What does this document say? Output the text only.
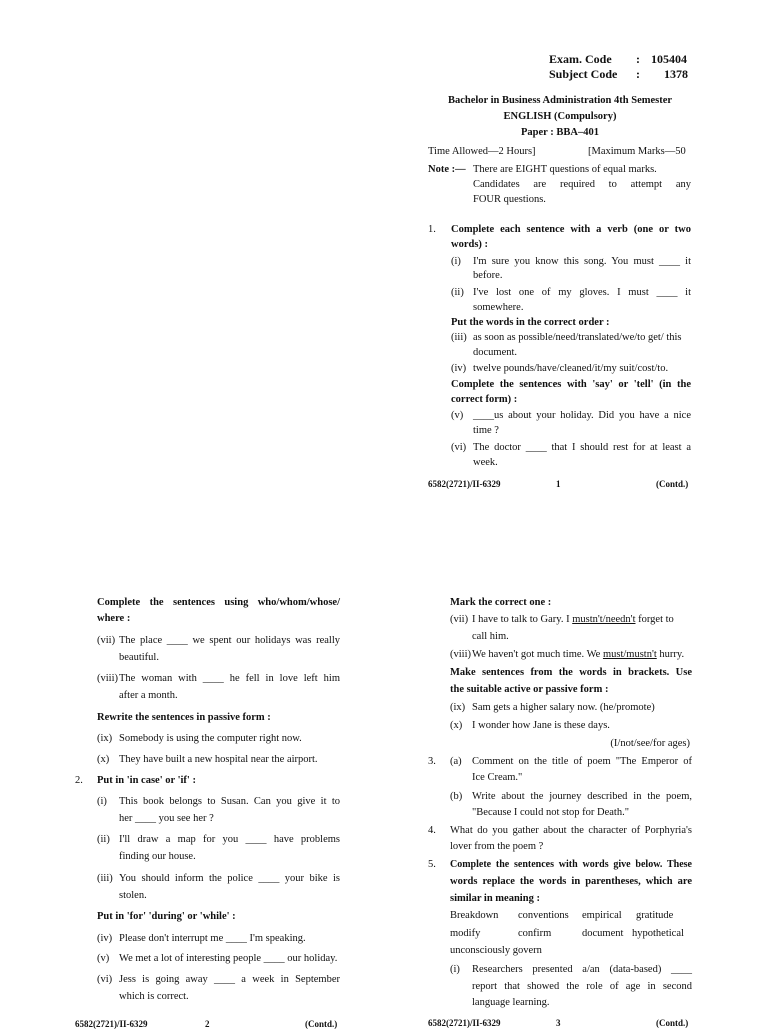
Exam. Code : 105404
Subject Code : 1378
Bachelor in Business Administration 4th Semester
ENGLISH (Compulsory)
Paper : BBA–401
Time Allowed—2 Hours]	[Maximum Marks—50
Note :— There are EIGHT questions of equal marks.
Candidates are required to attempt any
FOUR questions.
1. Complete each sentence with a verb (one or two
words) :
(i) I'm sure you know this song. You must ____ it
before.
(ii) I've lost one of my gloves. I must ____ it
somewhere.
Put the words in the correct order :
(iii) as soon as possible/need/translated/we/to get/ this
document.
(iv) twelve pounds/have/cleaned/it/my suit/cost/to.
Complete the sentences with 'say' or 'tell' (in the
correct form) :
(v) ____us about your holiday. Did you have a nice
time ?
(vi) The doctor ____ that I should rest for at least a
week.
6582(2721)/II-6329	1	(Contd.)
Complete the sentences using who/whom/whose/
where :
(vii) The place ____ we spent our holidays was really
beautiful.
(viii) The woman with ____ he fell in love left him
after a month.
Rewrite the sentences in passive form :
(ix) Somebody is using the computer right now.
(x) They have built a new hospital near the airport.
2. Put in 'in case' or 'if' :
(i) This book belongs to Susan. Can you give it to
her ____ you see her ?
(ii) I'll draw a map for you ____ have problems
finding our house.
(iii) You should inform the police ____ your bike is
stolen.
Put in 'for' 'during' or 'while' :
(iv) Please don't interrupt me ____ I'm speaking.
(v) We met a lot of interesting people ____ our holiday.
(vi) Jess is going away ____ a week in September
which is correct.
6582(2721)/II-6329	2	(Contd.)
Mark the correct one :
(vii) I have to talk to Gary. I mustn't/needn't forget to
call him.
(viii) We haven't got much time. We must/mustn't hurry.
Make sentences from the words in brackets. Use
the suitable active or passive form :
(ix) Sam gets a higher salary now. (he/promote)
(x) I wonder how Jane is these days.
(I/not/see/for ages)
3. (a) Comment on the title of poem "The Emperor of
Ice Cream."
(b) Write about the journey described in the poem,
"Because I could not stop for Death."
4. What do you gather about the character of Porphyria's
lover from the poem ?
5. Complete the sentences with words give below. These
words replace the words in parentheses, which are
similar in meaning :
Breakdown conventions empirical gratitude
modify	confirm	document hypothetical
unconsciously govern
(i) Researchers presented a/an (data-based) ____
report that showed the role of age in second
language learning.
6582(2721)/II-6329	3	(Contd.)
